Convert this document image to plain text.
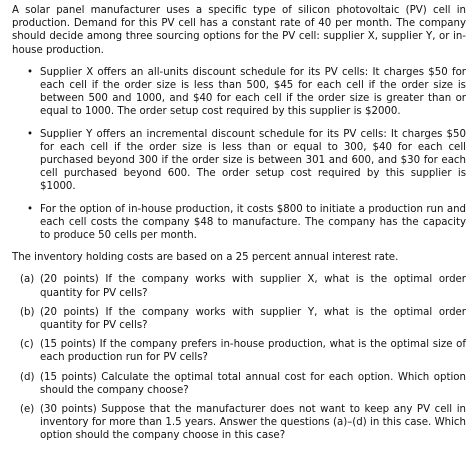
A solar panel manufacturer uses a specific type of silicon photovoltaic (PV) cell in production. Demand for this PV cell has a constant rate of 40 per month. The company should decide among three sourcing options for the PV cell: supplier X, supplier Y, or in-house production.

• Supplier X offers an all-units discount schedule for its PV cells: It charges $50 for each cell if the order size is less than 500, $45 for each cell if the order size is between 500 and 1000, and $40 for each cell if the order size is greater than or equal to 1000. The order setup cost required by this supplier is $2000.
• Supplier Y offers an incremental discount schedule for its PV cells: It charges $50 for each cell if the order size is less than or equal to 300, $40 for each cell purchased beyond 300 if the order size is between 301 and 600, and $30 for each cell purchased beyond 600. The order setup cost required by this supplier is $1000.
• For the option of in-house production, it costs $800 to initiate a production run and each cell costs the company $48 to manufacture. The company has the capacity to produce 50 cells per month.

The inventory holding costs are based on a 25 percent annual interest rate.

(a) (20 points) If the company works with supplier X, what is the optimal order quantity for PV cells?
(b) (20 points) If the company works with supplier Y, what is the optimal order quantity for PV cells?
(c) (15 points) If the company prefers in-house production, what is the optimal size of each production run for PV cells?
(d) (15 points) Calculate the optimal total annual cost for each option. Which option should the company choose?
(e) (30 points) Suppose that the manufacturer does not want to keep any PV cell in inventory for more than 1.5 years. Answer the questions (a)–(d) in this case. Which option should the company choose in this case?
